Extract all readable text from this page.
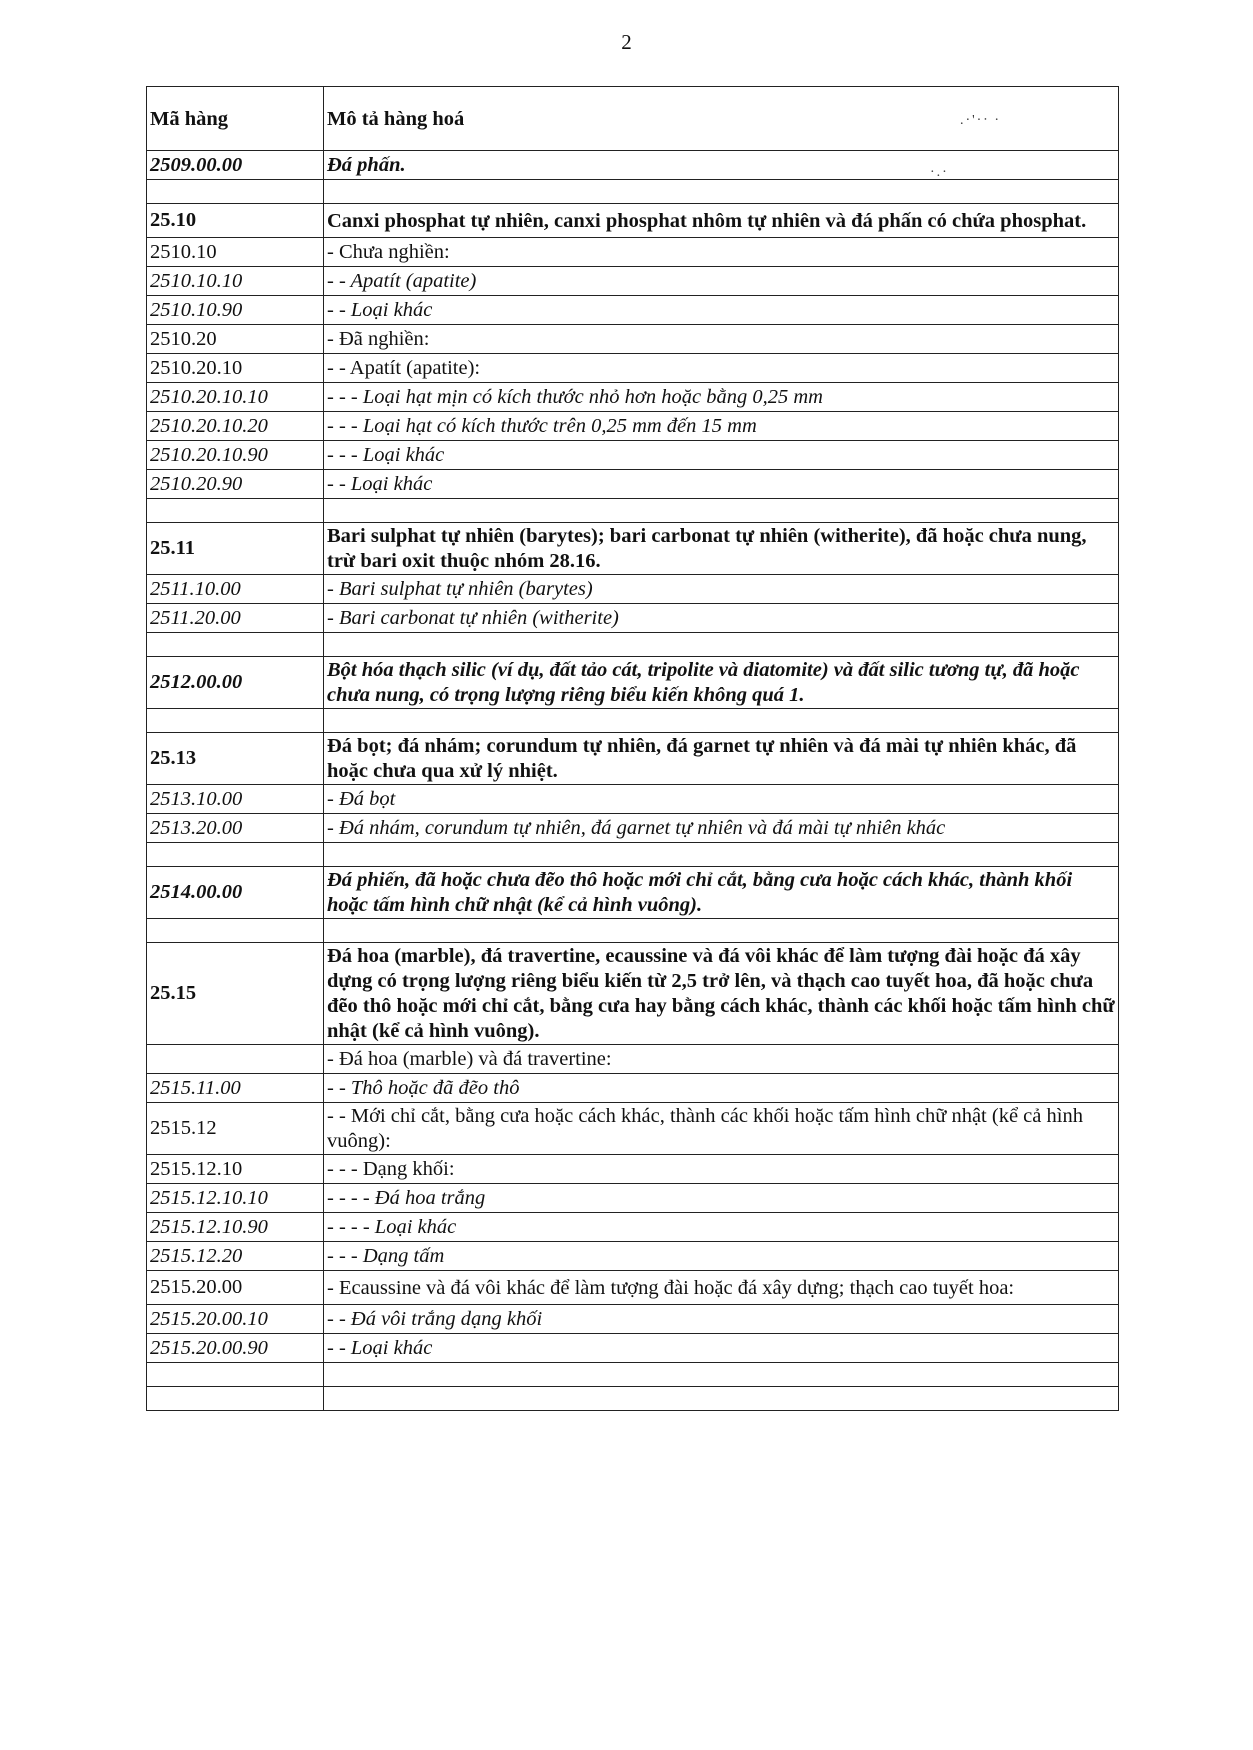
2
.·'·ᐧ ·
·.·
Mã hàng	Mô tả hàng hoá
2509.00.00	Đá phấn.

25.10	Canxi phosphat tự nhiên, canxi phosphat nhôm tự nhiên và đá phấn có chứa phosphat.
2510.10	- Chưa nghiền:
2510.10.10	- - Apatít (apatite)
2510.10.90	- - Loại khác
2510.20	- Đã nghiền:
2510.20.10	- - Apatít (apatite):
2510.20.10.10	- - - Loại hạt mịn có kích thước nhỏ hơn hoặc bằng 0,25 mm
2510.20.10.20	- - - Loại hạt có kích thước trên 0,25 mm đến 15 mm
2510.20.10.90	- - - Loại khác
2510.20.90	- - Loại khác

25.11	Bari sulphat tự nhiên (barytes); bari carbonat tự nhiên (witherite), đã hoặc chưa nung, trừ bari oxit thuộc nhóm 28.16.
2511.10.00	- Bari sulphat tự nhiên (barytes)
2511.20.00	- Bari carbonat tự nhiên (witherite)

2512.00.00	Bột hóa thạch silic (ví dụ, đất tảo cát, tripolite và diatomite) và đất silic tương tự, đã hoặc chưa nung, có trọng lượng riêng biểu kiến không quá 1.

25.13	Đá bọt; đá nhám; corundum tự nhiên, đá garnet tự nhiên và đá mài tự nhiên khác, đã hoặc chưa qua xử lý nhiệt.
2513.10.00	- Đá bọt
2513.20.00	- Đá nhám, corundum tự nhiên, đá garnet tự nhiên và đá mài tự nhiên khác

2514.00.00	Đá phiến, đã hoặc chưa đẽo thô hoặc mới chỉ cắt, bằng cưa hoặc cách khác, thành khối hoặc tấm hình chữ nhật (kể cả hình vuông).

25.15	Đá hoa (marble), đá travertine, ecaussine và đá vôi khác để làm tượng đài hoặc đá xây dựng có trọng lượng riêng biểu kiến từ 2,5 trở lên, và thạch cao tuyết hoa, đã hoặc chưa đẽo thô hoặc mới chỉ cắt, bằng cưa hay bằng cách khác, thành các khối hoặc tấm hình chữ nhật (kể cả hình vuông).
	- Đá hoa (marble) và đá travertine:
2515.11.00	- - Thô hoặc đã đẽo thô
2515.12	- - Mới chỉ cắt, bằng cưa hoặc cách khác, thành các khối hoặc tấm hình chữ nhật (kể cả hình vuông):
2515.12.10	- - - Dạng khối:
2515.12.10.10	- - - - Đá hoa trắng
2515.12.10.90	- - - - Loại khác
2515.12.20	- - - Dạng tấm
2515.20.00	- Ecaussine và đá vôi khác để làm tượng đài hoặc đá xây dựng; thạch cao tuyết hoa:
2515.20.00.10	- - Đá vôi trắng dạng khối
2515.20.00.90	- - Loại khác
